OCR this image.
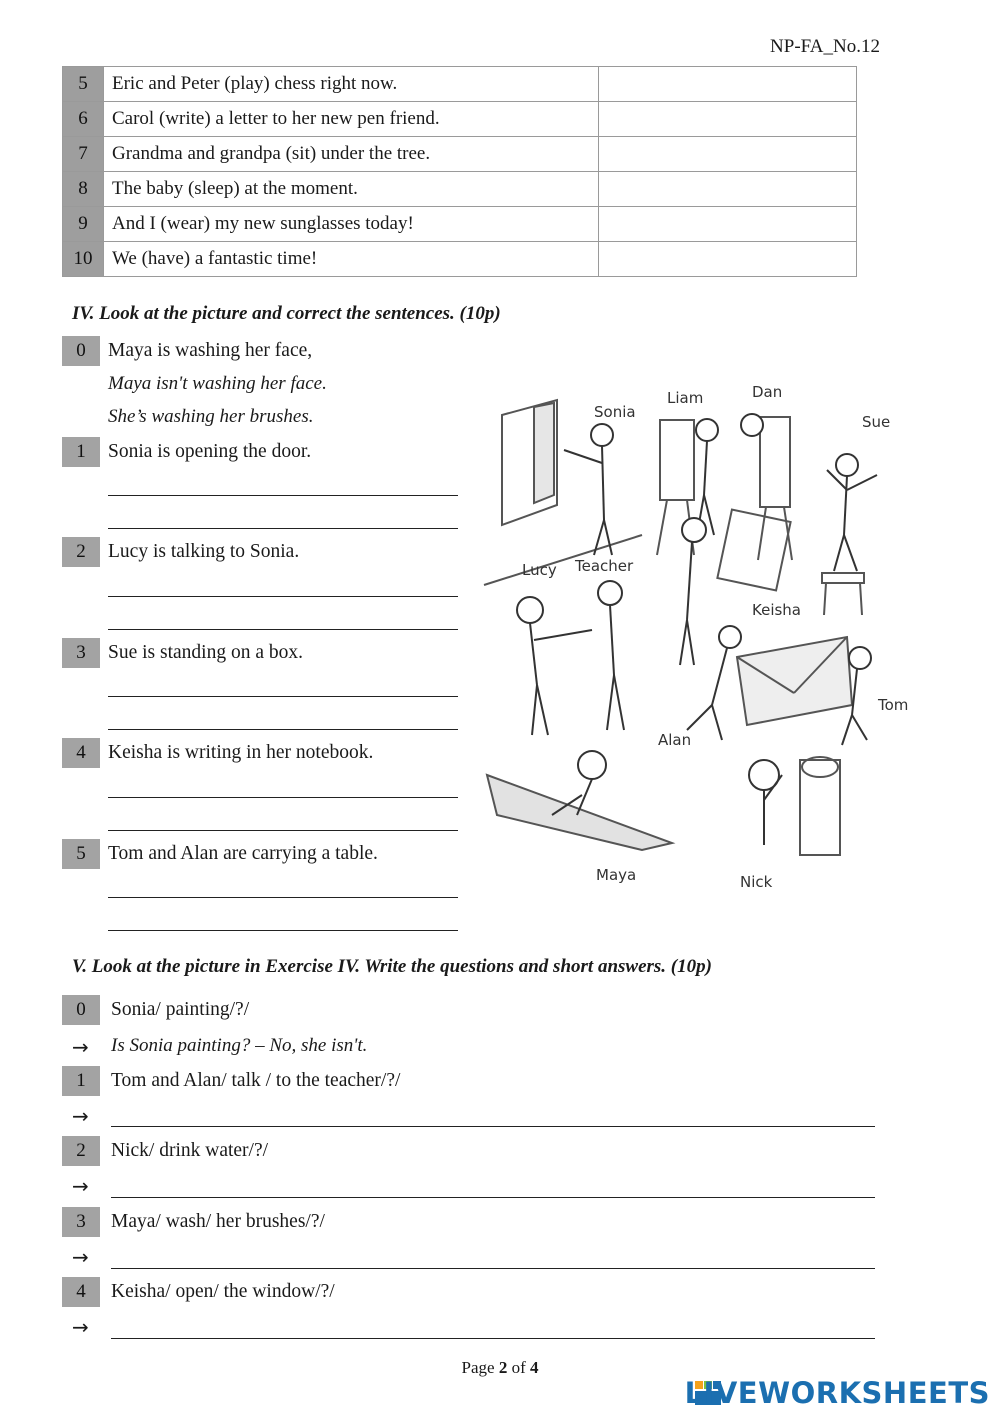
NP-FA_No.12
5	Eric and Peter (play) chess right now.	
6	Carol (write) a letter to her new pen friend.	
7	Grandma and grandpa (sit) under the tree.	
8	The baby (sleep) at the moment.	
9	And I (wear) my new sunglasses today!	
10	We (have) a fantastic time!	
IV. Look at the picture and correct the sentences. (10p)
0	Maya is washing her face,
Maya isn't washing her face.
She’s washing her brushes.
1	Sonia is opening the door.
2	Lucy is talking to Sonia.
3	Sue is standing on a box.
4	Keisha is writing in her notebook.
5	Tom and Alan are carrying a table.
Sonia
Liam	Dan
Sue
Lucy Teacher
Keisha
Tom
Alan
Maya	Nick
V. Look at the picture in Exercise IV. Write the questions and short answers. (10p)
0	Sonia/ painting/?/
→ Is Sonia painting? – No, she isn't.
1	Tom and Alan/ talk / to the teacher/?/
→
2	Nick/ drink water/?/
→
3	Maya/ wash/ her brushes/?/
→
4	Keisha/ open/ the window/?/
→
Page 2 of 4
LIVEWORKSHEETS
